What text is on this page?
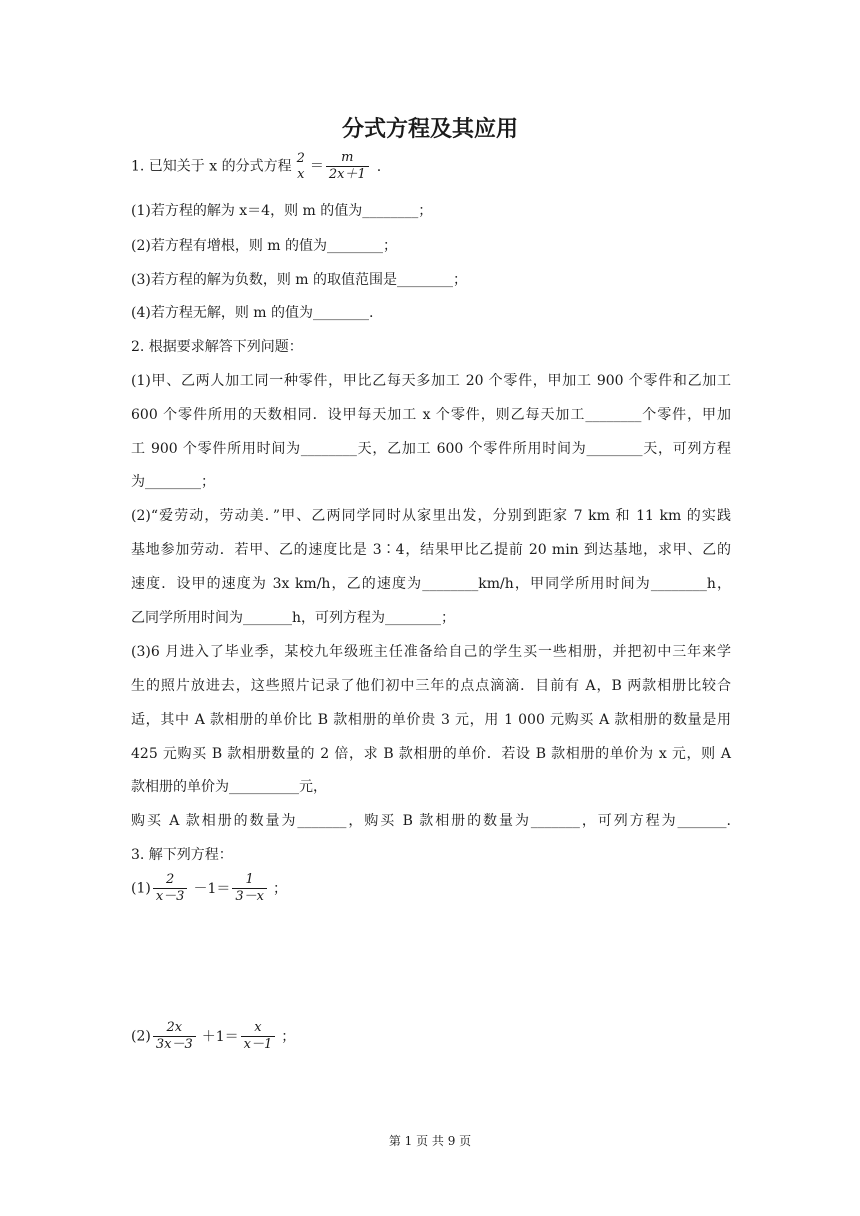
分式方程及其应用
1. 已知关于 x 的分式方程
2
$x = \frac{m}{2x+1}$ .
(1)若方程的解为 x＝4，则 m 的值为________；
(2)若方程有增根，则 m 的值为________；
(3)若方程的解为负数，则 m 的取值范围是________；
(4)若方程无解，则 m 的值为________.
2. 根据要求解答下列问题：
(1)甲、乙两人加工同一种零件，甲比乙每天多加工 20 个零件，甲加工 900 个零件和乙加工
600 个零件所用的天数相同．设甲每天加工 x 个零件，则乙每天加工________个零件，甲加
工 900 个零件所用时间为________天，乙加工 600 个零件所用时间为________天，可列方程
为________；
(2)“爱劳动，劳动美．”甲、乙两同学同时从家里出发，分别到距家 7 km 和 11 km 的实践
基地参加劳动．若甲、乙的速度比是 3∶4，结果甲比乙提前 20 min 到达基地，求甲、乙的
速度．设甲的速度为 3x km/h，乙的速度为________km/h，甲同学所用时间为________h，
乙同学所用时间为_______h，可列方程为________；
(3)6 月进入了毕业季，某校九年级班主任准备给自己的学生买一些相册，并把初中三年来学
生的照片放进去，这些照片记录了他们初中三年的点点滴滴．目前有 A，B 两款相册比较合
适，其中 A 款相册的单价比 B 款相册的单价贵 3 元，用 1 000 元购买 A 款相册的数量是用
425 元购买 B 款相册数量的 2 倍，求 B 款相册的单价．若设 B 款相册的单价为 x 元，则 A
款相册的单价为__________元，
购买 A 款相册的数量为_______，购买 B 款相册的数量为_______，可列方程为_______.
3. 解下列方程：
$(1) \frac{2}{x-3} -1= \frac{1}{3-x}$ ；
$(2) \frac{2x}{3x-3} +1= \frac{x}{x-1}$ ；
第 1 页 共 9 页
